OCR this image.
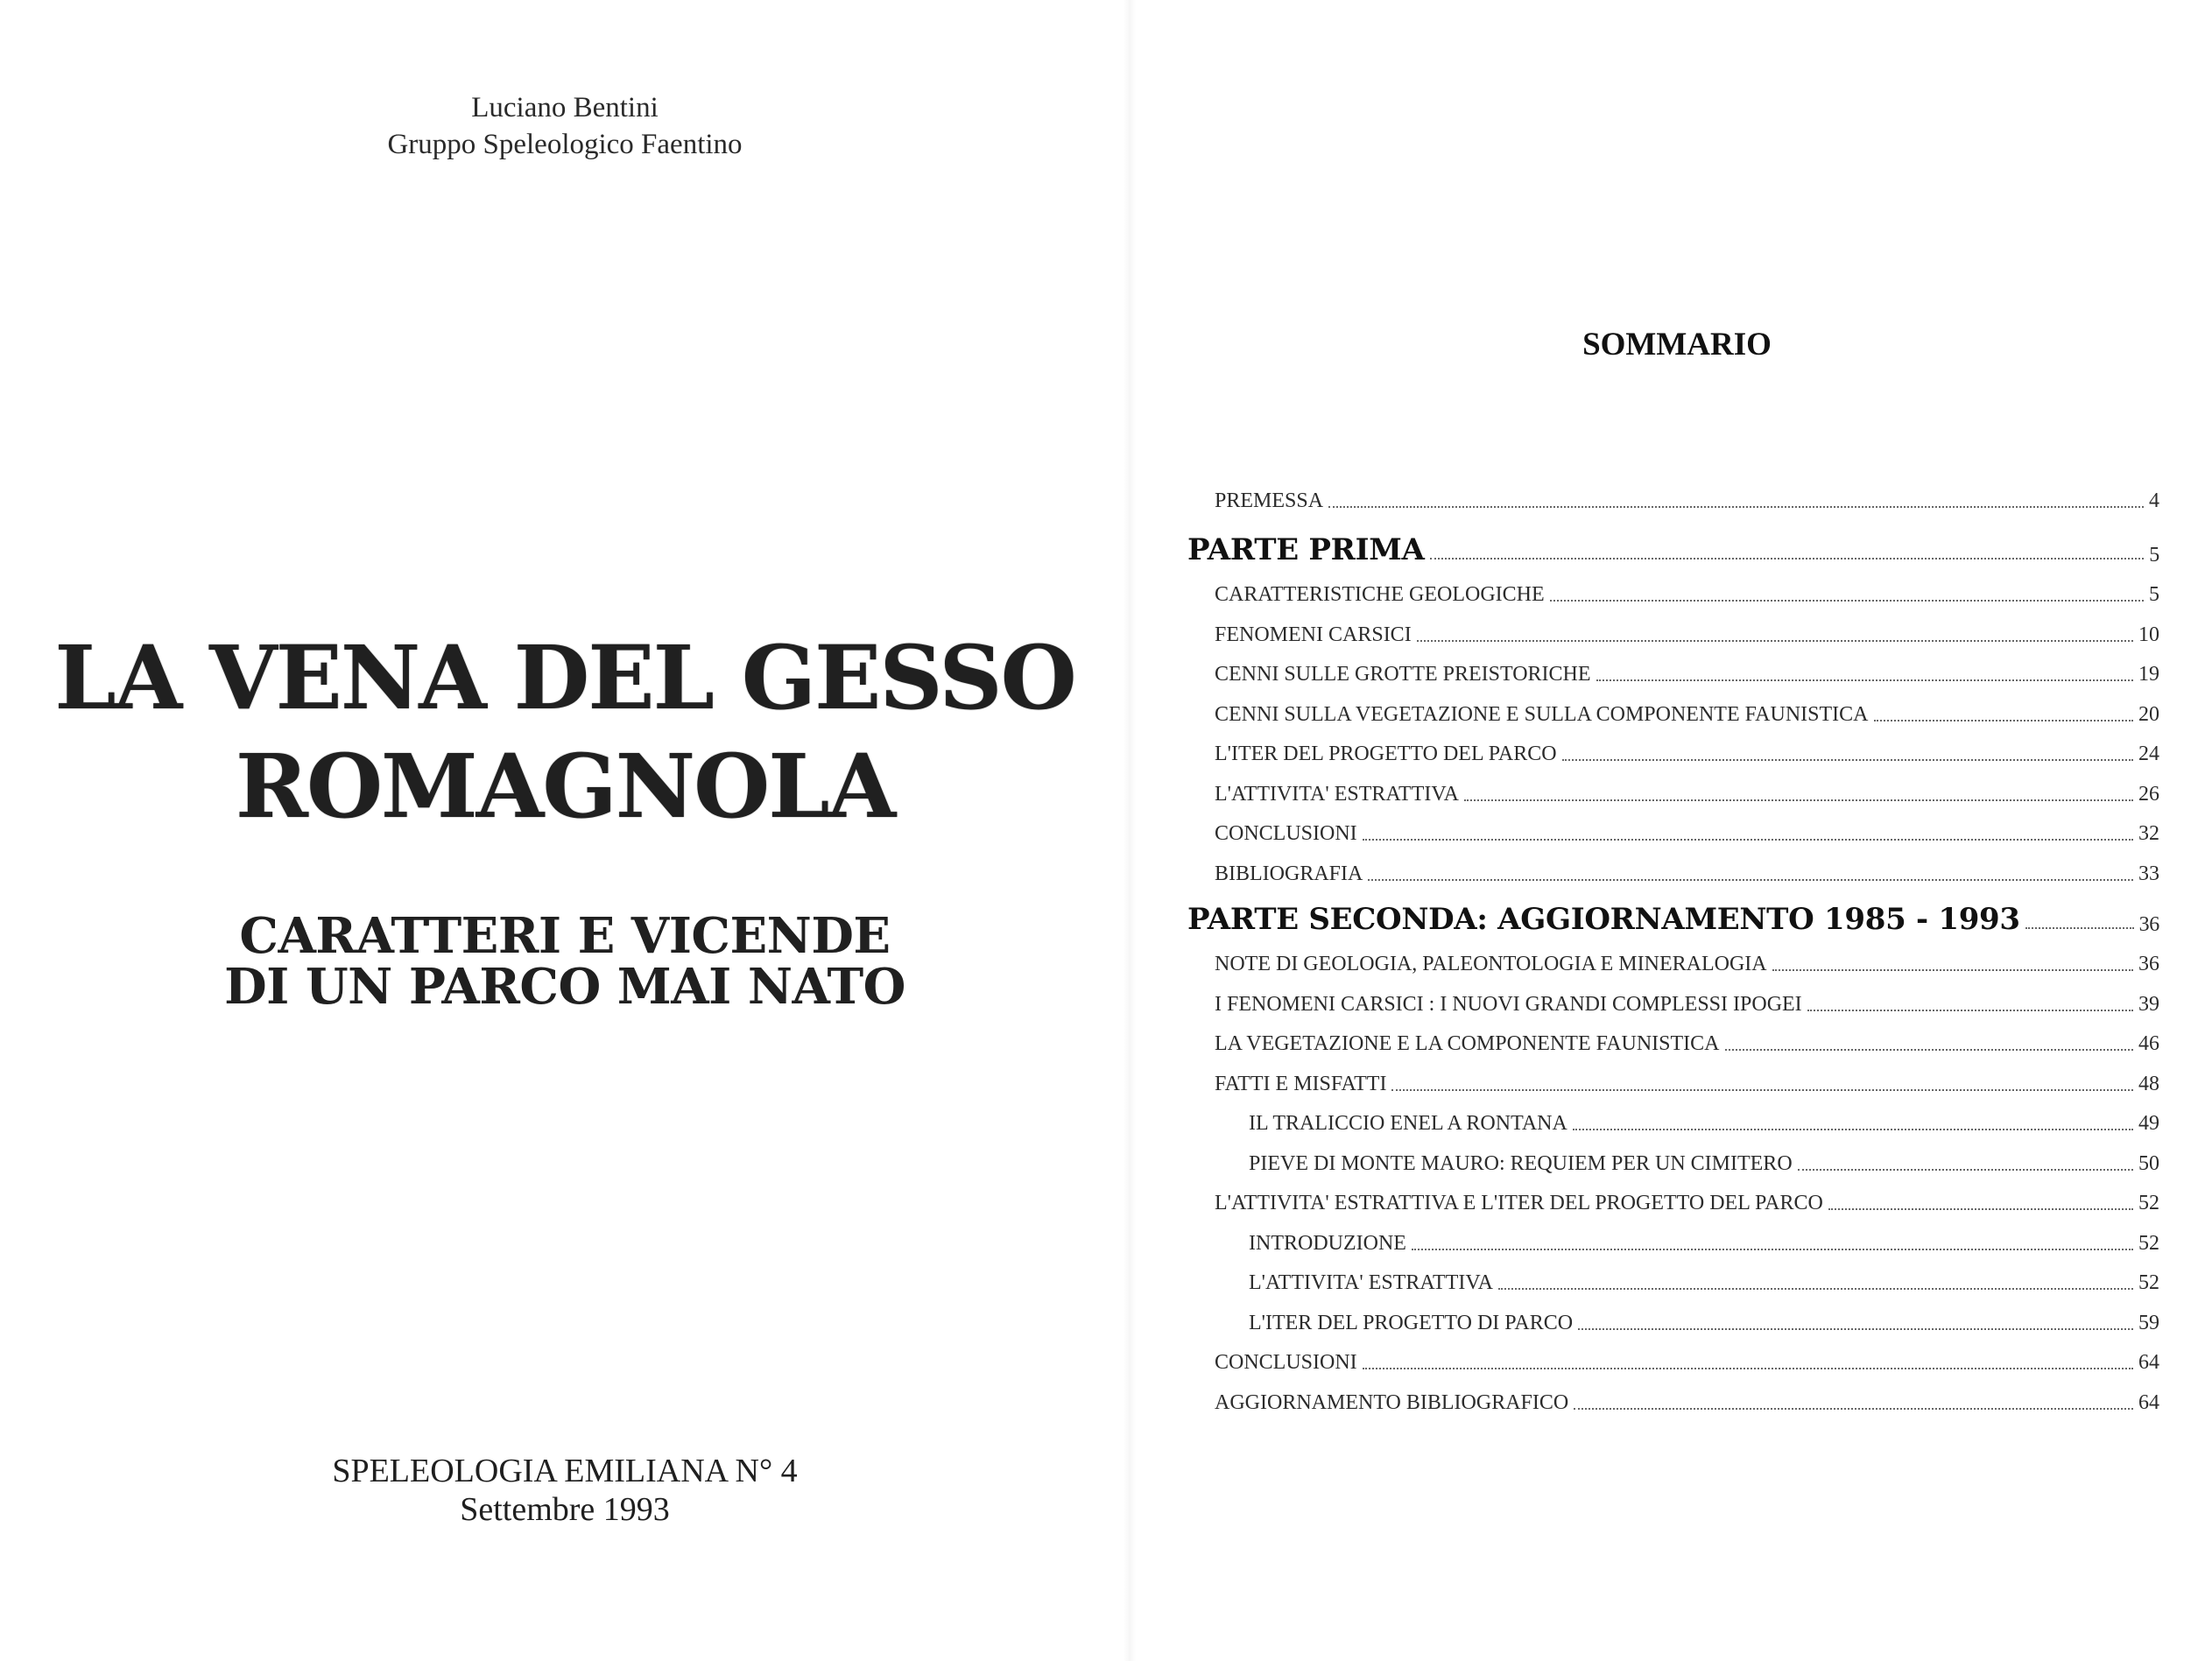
Luciano Bentini
Gruppo Speleologico Faentino
LA VENA DEL GESSO
ROMAGNOLA
CARATTERI E VICENDE
DI UN PARCO MAI NATO
SPELEOLOGIA EMILIANA N° 4
Settembre 1993
SOMMARIO
PREMESSA	4
PARTE PRIMA	5
CARATTERISTICHE GEOLOGICHE	5
FENOMENI CARSICI	10
CENNI SULLE GROTTE PREISTORICHE	19
CENNI SULLA VEGETAZIONE E SULLA COMPONENTE FAUNISTICA	20
L'ITER DEL PROGETTO DEL PARCO	24
L'ATTIVITA' ESTRATTIVA	26
CONCLUSIONI	32
BIBLIOGRAFIA	33
PARTE SECONDA: AGGIORNAMENTO 1985 - 1993	36
NOTE DI GEOLOGIA, PALEONTOLOGIA E MINERALOGIA	36
I FENOMENI CARSICI : I NUOVI GRANDI COMPLESSI IPOGEI	39
LA VEGETAZIONE E LA COMPONENTE FAUNISTICA	46
FATTI E MISFATTI	48
IL TRALICCIO ENEL A RONTANA	49
PIEVE DI MONTE MAURO: REQUIEM PER UN CIMITERO	50
L'ATTIVITA' ESTRATTIVA E L'ITER DEL PROGETTO DEL PARCO	52
INTRODUZIONE	52
L'ATTIVITA' ESTRATTIVA	52
L'ITER DEL PROGETTO DI PARCO	59
CONCLUSIONI	64
AGGIORNAMENTO BIBLIOGRAFICO	64
